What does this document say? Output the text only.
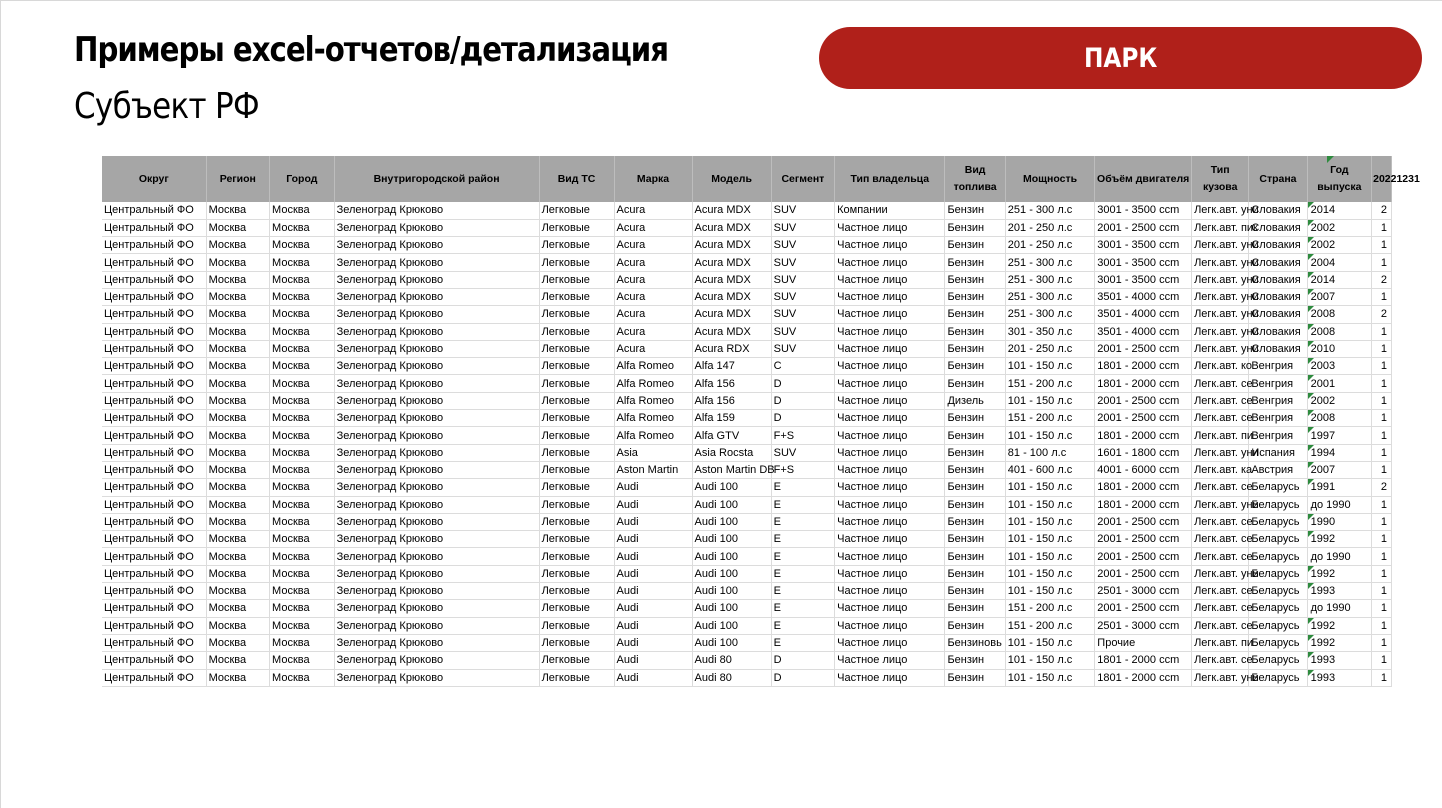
Примеры excel-отчетов/детализация
Субъект РФ
ПАРК
Округ	Регион	Город	Внутригородской район	Вид ТС	Марка	Модель	Сегмент	Тип владельца	Вид топлива	Мощность	Объём двигателя	Тип кузова	Страна	Год выпуска	20221231
Центральный ФО	Москва	Москва	Зеленоград Крюково	Легковые	Acura	Acura MDX	SUV	Компании	Бензин	251 - 300 л.с	3001 - 3500 ccm	Легк.авт. уни	Словакия	2014	2
Центральный ФО	Москва	Москва	Зеленоград Крюково	Легковые	Acura	Acura MDX	SUV	Частное лицо	Бензин	201 - 250 л.с	2001 - 2500 ccm	Легк.авт. пик	Словакия	2002	1
Центральный ФО	Москва	Москва	Зеленоград Крюково	Легковые	Acura	Acura MDX	SUV	Частное лицо	Бензин	201 - 250 л.с	3001 - 3500 ccm	Легк.авт. уни	Словакия	2002	1
Центральный ФО	Москва	Москва	Зеленоград Крюково	Легковые	Acura	Acura MDX	SUV	Частное лицо	Бензин	251 - 300 л.с	3001 - 3500 ccm	Легк.авт. уни	Словакия	2004	1
Центральный ФО	Москва	Москва	Зеленоград Крюково	Легковые	Acura	Acura MDX	SUV	Частное лицо	Бензин	251 - 300 л.с	3001 - 3500 ccm	Легк.авт. уни	Словакия	2014	2
Центральный ФО	Москва	Москва	Зеленоград Крюково	Легковые	Acura	Acura MDX	SUV	Частное лицо	Бензин	251 - 300 л.с	3501 - 4000 ccm	Легк.авт. уни	Словакия	2007	1
Центральный ФО	Москва	Москва	Зеленоград Крюково	Легковые	Acura	Acura MDX	SUV	Частное лицо	Бензин	251 - 300 л.с	3501 - 4000 ccm	Легк.авт. уни	Словакия	2008	2
Центральный ФО	Москва	Москва	Зеленоград Крюково	Легковые	Acura	Acura MDX	SUV	Частное лицо	Бензин	301 - 350 л.с	3501 - 4000 ccm	Легк.авт. уни	Словакия	2008	1
Центральный ФО	Москва	Москва	Зеленоград Крюково	Легковые	Acura	Acura RDX	SUV	Частное лицо	Бензин	201 - 250 л.с	2001 - 2500 ccm	Легк.авт. уни	Словакия	2010	1
Центральный ФО	Москва	Москва	Зеленоград Крюково	Легковые	Alfa Romeo	Alfa 147	C	Частное лицо	Бензин	101 - 150 л.с	1801 - 2000 ccm	Легк.авт. ко	Венгрия	2003	1
Центральный ФО	Москва	Москва	Зеленоград Крюково	Легковые	Alfa Romeo	Alfa 156	D	Частное лицо	Бензин	151 - 200 л.с	1801 - 2000 ccm	Легк.авт. се	Венгрия	2001	1
Центральный ФО	Москва	Москва	Зеленоград Крюково	Легковые	Alfa Romeo	Alfa 156	D	Частное лицо	Дизель	101 - 150 л.с	2001 - 2500 ccm	Легк.авт. се	Венгрия	2002	1
Центральный ФО	Москва	Москва	Зеленоград Крюково	Легковые	Alfa Romeo	Alfa 159	D	Частное лицо	Бензин	151 - 200 л.с	2001 - 2500 ccm	Легк.авт. се	Венгрия	2008	1
Центральный ФО	Москва	Москва	Зеленоград Крюково	Легковые	Alfa Romeo	Alfa GTV	F+S	Частное лицо	Бензин	101 - 150 л.с	1801 - 2000 ccm	Легк.авт. пи	Венгрия	1997	1
Центральный ФО	Москва	Москва	Зеленоград Крюково	Легковые	Asia	Asia Rocsta	SUV	Частное лицо	Бензин	81 - 100 л.с	1601 - 1800 ccm	Легк.авт. уни	Испания	1994	1
Центральный ФО	Москва	Москва	Зеленоград Крюково	Легковые	Aston Martin	Aston Martin DB	F+S	Частное лицо	Бензин	401 - 600 л.с	4001 - 6000 ccm	Легк.авт. ка	Австрия	2007	1
Центральный ФО	Москва	Москва	Зеленоград Крюково	Легковые	Audi	Audi 100	E	Частное лицо	Бензин	101 - 150 л.с	1801 - 2000 ccm	Легк.авт. се	Беларусь	1991	2
Центральный ФО	Москва	Москва	Зеленоград Крюково	Легковые	Audi	Audi 100	E	Частное лицо	Бензин	101 - 150 л.с	1801 - 2000 ccm	Легк.авт. уни	Беларусь	до 1990	1
Центральный ФО	Москва	Москва	Зеленоград Крюково	Легковые	Audi	Audi 100	E	Частное лицо	Бензин	101 - 150 л.с	2001 - 2500 ccm	Легк.авт. се	Беларусь	1990	1
Центральный ФО	Москва	Москва	Зеленоград Крюково	Легковые	Audi	Audi 100	E	Частное лицо	Бензин	101 - 150 л.с	2001 - 2500 ccm	Легк.авт. се	Беларусь	1992	1
Центральный ФО	Москва	Москва	Зеленоград Крюково	Легковые	Audi	Audi 100	E	Частное лицо	Бензин	101 - 150 л.с	2001 - 2500 ccm	Легк.авт. се	Беларусь	до 1990	1
Центральный ФО	Москва	Москва	Зеленоград Крюково	Легковые	Audi	Audi 100	E	Частное лицо	Бензин	101 - 150 л.с	2001 - 2500 ccm	Легк.авт. уни	Беларусь	1992	1
Центральный ФО	Москва	Москва	Зеленоград Крюково	Легковые	Audi	Audi 100	E	Частное лицо	Бензин	101 - 150 л.с	2501 - 3000 ccm	Легк.авт. се	Беларусь	1993	1
Центральный ФО	Москва	Москва	Зеленоград Крюково	Легковые	Audi	Audi 100	E	Частное лицо	Бензин	151 - 200 л.с	2001 - 2500 ccm	Легк.авт. се	Беларусь	до 1990	1
Центральный ФО	Москва	Москва	Зеленоград Крюково	Легковые	Audi	Audi 100	E	Частное лицо	Бензин	151 - 200 л.с	2501 - 3000 ccm	Легк.авт. се	Беларусь	1992	1
Центральный ФО	Москва	Москва	Зеленоград Крюково	Легковые	Audi	Audi 100	E	Частное лицо	Бензиновь	101 - 150 л.с	Прочие	Легк.авт. пи	Беларусь	1992	1
Центральный ФО	Москва	Москва	Зеленоград Крюково	Легковые	Audi	Audi 80	D	Частное лицо	Бензин	101 - 150 л.с	1801 - 2000 ccm	Легк.авт. се	Беларусь	1993	1
Центральный ФО	Москва	Москва	Зеленоград Крюково	Легковые	Audi	Audi 80	D	Частное лицо	Бензин	101 - 150 л.с	1801 - 2000 ccm	Легк.авт. уни	Беларусь	1993	1
